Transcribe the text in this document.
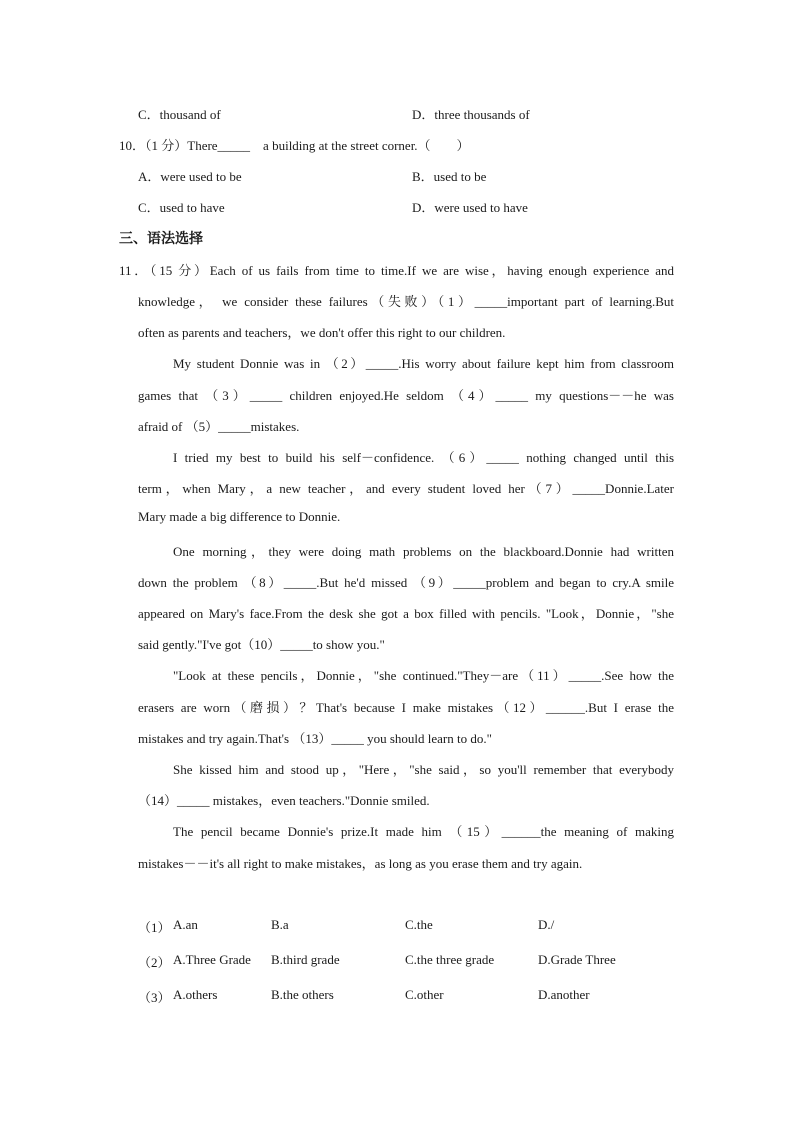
C．thousand of	D．three thousands of
10．（1 分）There_____　a building at the street corner.（　　）
A．were used to be	B．used to be
C．used to have	D．were used to have
三、语法选择
11．（15 分）Each of us fails from time to time.If we are wise，having enough experience and
knowledge， we consider these failures（失败）（1）_____important part of learning.But
often as parents and teachers，we don't offer this right to our children.
My student Donnie was in （2）_____.His worry about failure kept him from classroom
games that （3）_____ children enjoyed.He seldom （4）_____ my questions－－he was
afraid of （5）_____mistakes.
I tried my best to build his self－confidence. （6）_____ nothing changed until this
term，when Mary，a new teacher，and every student loved her（7）_____Donnie.Later
Mary made a big difference to Donnie.
One morning，they were doing math problems on the blackboard.Donnie had written
down the problem （8）_____.But he'd missed （9）_____problem and began to cry.A smile
appeared on Mary's face.From the desk she got a box filled with pencils. "Look，Donnie，"she
said gently."I've got（10）_____to show you."
"Look at these pencils，Donnie，"she continued."They－are（11）_____.See how the
erasers are worn（磨损）？That's because I make mistakes（12）______.But I erase the
mistakes and try again.That's （13）_____ you should learn to do."
She kissed him and stood up，"Here，"she said，so you'll remember that everybody
（14）_____ mistakes，even teachers."Donnie smiled.
The pencil became Donnie's prize.It made him （15）______the meaning of making
mistakes－－it's all right to make mistakes，as long as you erase them and try again.
（1） A.an	B.a	C.the	D./
（2） A.Three Grade B.third grade	C.the three grade	D.Grade Three
（3） A.others	B.the others	C.other	D.another
